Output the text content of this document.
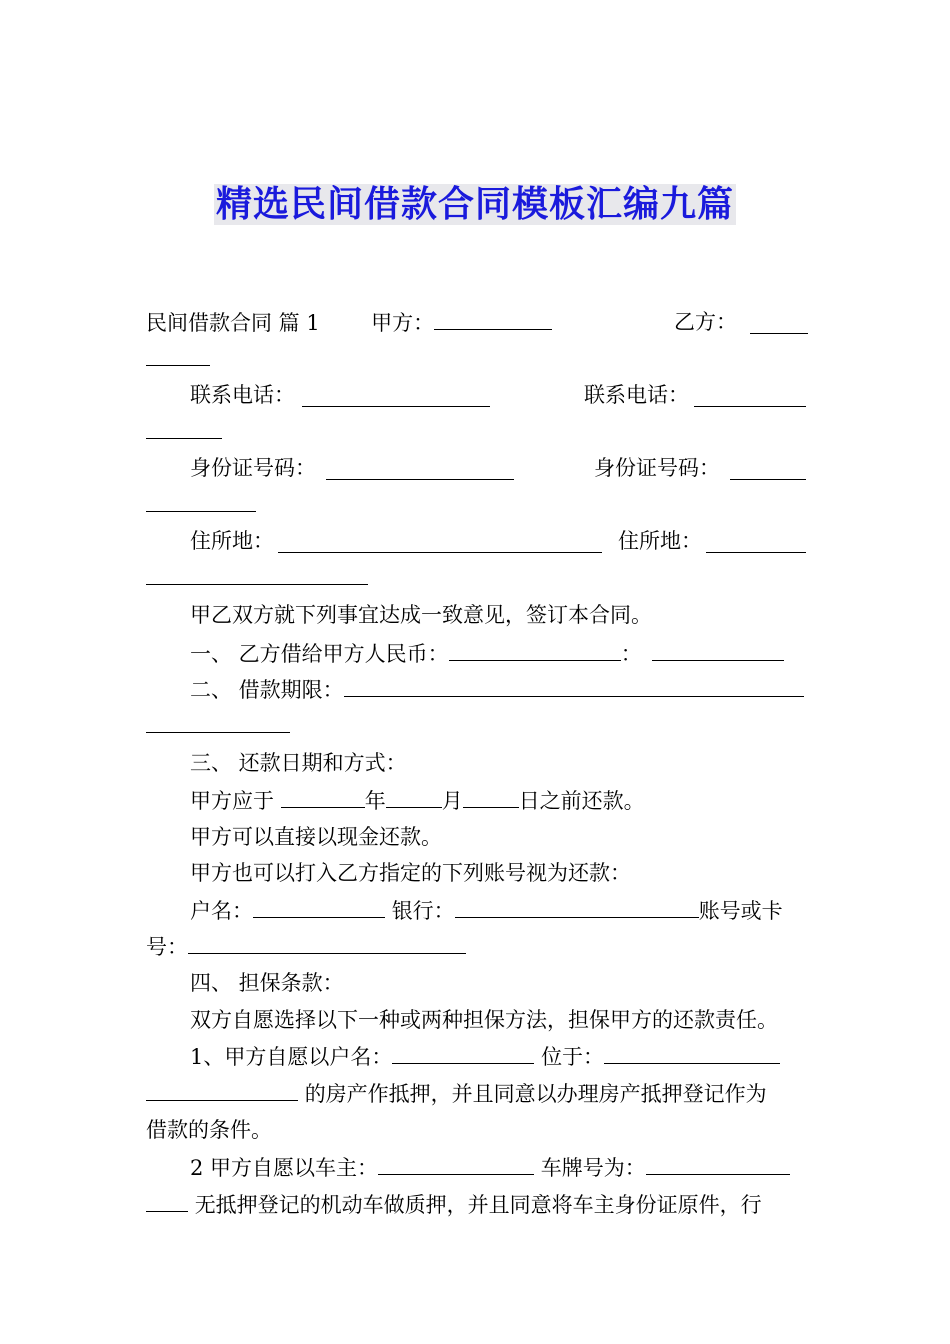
精选民间借款合同模板汇编九篇
民间借款合同 篇 1 甲方：	乙方：
联系电话：	联系电话：
身份证号码：	身份证号码：
住所地：	住所地：
甲乙双方就下列事宜达成一致意见，签订本合同。
一、 乙方借给甲方人民币：	：
二、 借款期限：
三、 还款日期和方式：
甲方应于	年	月	日之前还款。
甲方可以直接以现金还款。
甲方也可以打入乙方指定的下列账号视为还款：
户名：	银行：	账号或卡
号：
四、 担保条款：
双方自愿选择以下一种或两种担保方法，担保甲方的还款责任。
1、甲方自愿以户名：	位于：
的房产作抵押，并且同意以办理房产抵押登记作为
借款的条件。
2 甲方自愿以车主：	车牌号为：
无抵押登记的机动车做质押，并且同意将车主身份证原件，行
